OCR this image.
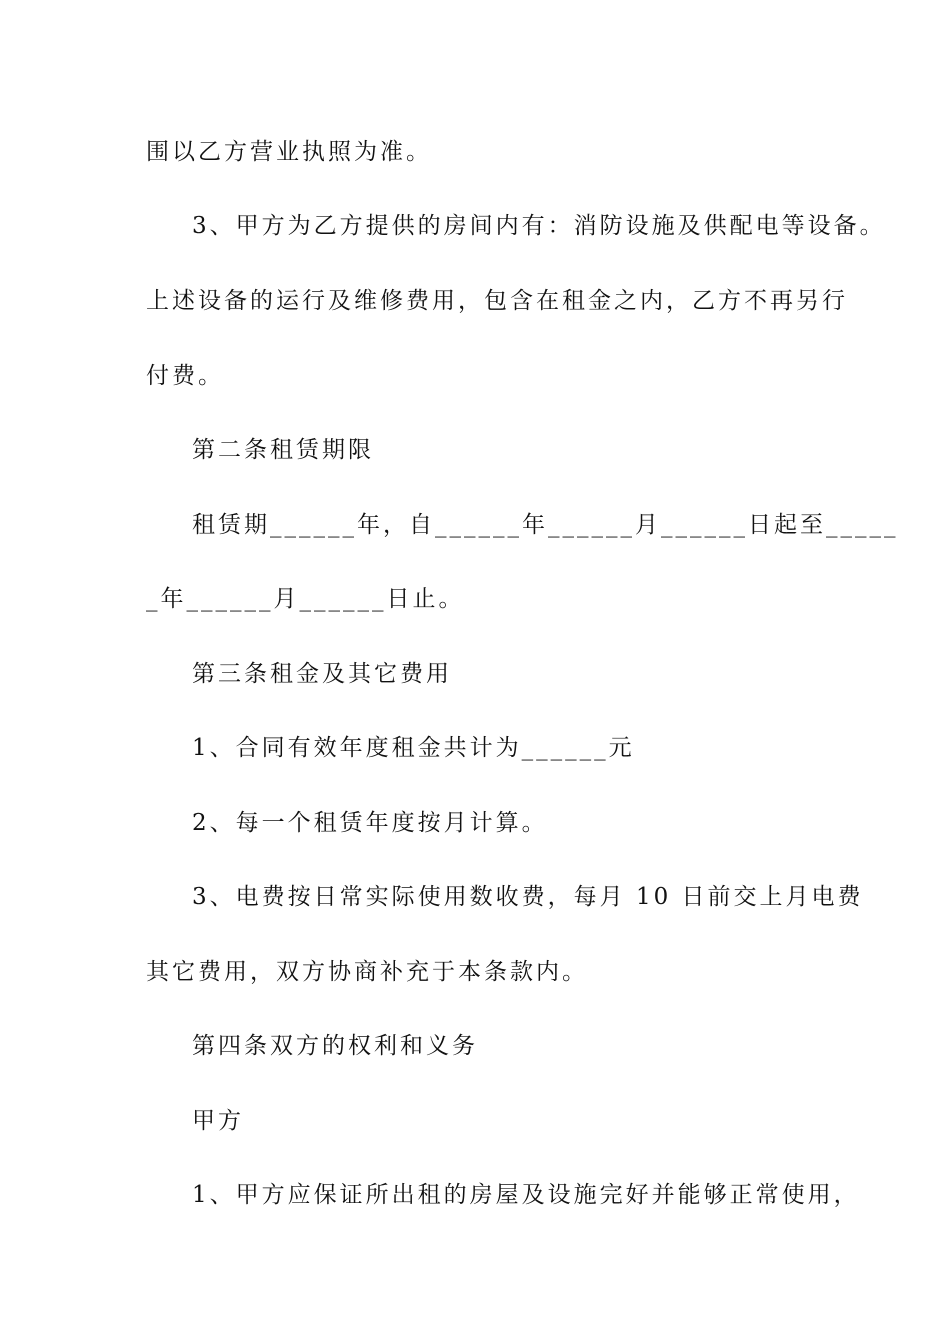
围以乙方营业执照为准。

3、甲方为乙方提供的房间内有：消防设施及供配电等设备。

上述设备的运行及维修费用，包含在租金之内，乙方不再另行

付费。

第二条租赁期限

租赁期______年，自______年______月______日起至_____

_年______月______日止。

第三条租金及其它费用

1、合同有效年度租金共计为______元

2、每一个租赁年度按月计算。

3、电费按日常实际使用数收费，每月 10 日前交上月电费

其它费用，双方协商补充于本条款内。

第四条双方的权利和义务

甲方

1、甲方应保证所出租的房屋及设施完好并能够正常使用，
